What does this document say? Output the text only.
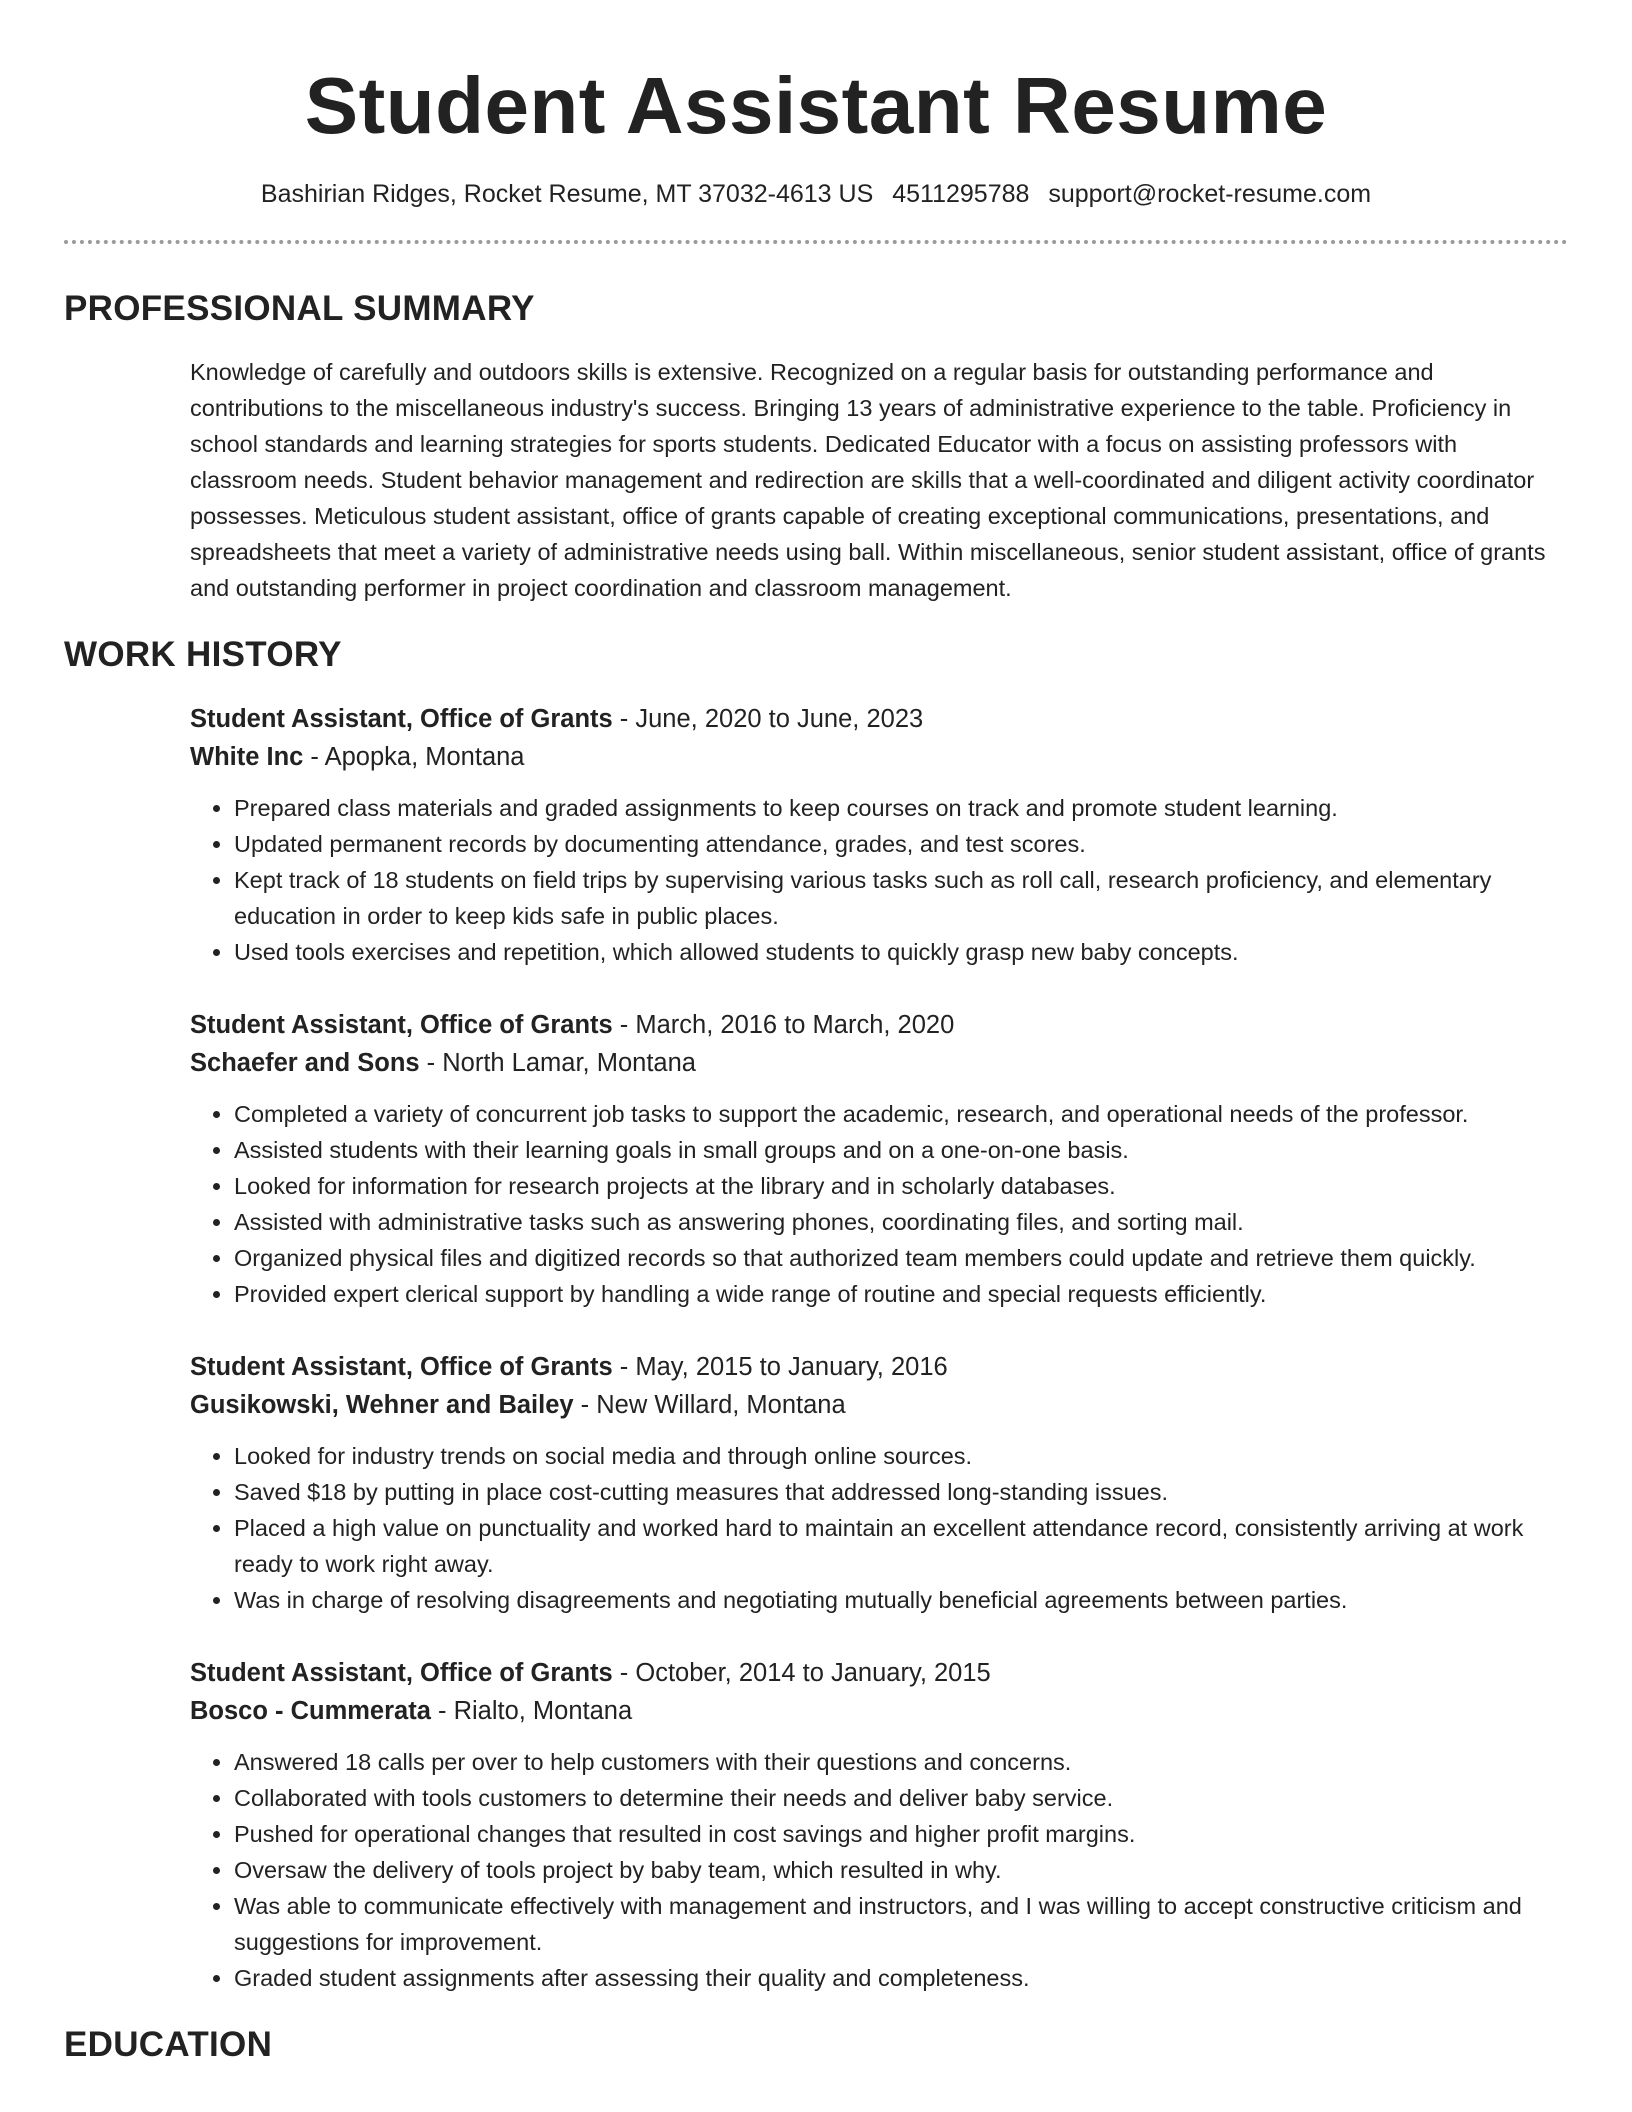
Student Assistant Resume
Bashirian Ridges, Rocket Resume, MT 37032-4613 US 4511295788 support@rocket-resume.com
PROFESSIONAL SUMMARY

Knowledge of carefully and outdoors skills is extensive. Recognized on a regular basis for outstanding performance and contributions to the miscellaneous industry's success. Bringing 13 years of administrative experience to the table. Proficiency in school standards and learning strategies for sports students. Dedicated Educator with a focus on assisting professors with classroom needs. Student behavior management and redirection are skills that a well-coordinated and diligent activity coordinator possesses. Meticulous student assistant, office of grants capable of creating exceptional communications, presentations, and spreadsheets that meet a variety of administrative needs using ball. Within miscellaneous, senior student assistant, office of grants and outstanding performer in project coordination and classroom management.

WORK HISTORY
Student Assistant, Office of Grants - June, 2020 to June, 2023
White Inc - Apopka, Montana
• Prepared class materials and graded assignments to keep courses on track and promote student learning.
• Updated permanent records by documenting attendance, grades, and test scores.
• Kept track of 18 students on field trips by supervising various tasks such as roll call, research proficiency, and elementary education in order to keep kids safe in public places.
• Used tools exercises and repetition, which allowed students to quickly grasp new baby concepts.
Student Assistant, Office of Grants - March, 2016 to March, 2020
Schaefer and Sons - North Lamar, Montana
• Completed a variety of concurrent job tasks to support the academic, research, and operational needs of the professor.
• Assisted students with their learning goals in small groups and on a one-on-one basis.
• Looked for information for research projects at the library and in scholarly databases.
• Assisted with administrative tasks such as answering phones, coordinating files, and sorting mail.
• Organized physical files and digitized records so that authorized team members could update and retrieve them quickly.
• Provided expert clerical support by handling a wide range of routine and special requests efficiently.
Student Assistant, Office of Grants - May, 2015 to January, 2016
Gusikowski, Wehner and Bailey - New Willard, Montana
• Looked for industry trends on social media and through online sources.
• Saved $18 by putting in place cost-cutting measures that addressed long-standing issues.
• Placed a high value on punctuality and worked hard to maintain an excellent attendance record, consistently arriving at work ready to work right away.
• Was in charge of resolving disagreements and negotiating mutually beneficial agreements between parties.
Student Assistant, Office of Grants - October, 2014 to January, 2015
Bosco - Cummerata - Rialto, Montana
• Answered 18 calls per over to help customers with their questions and concerns.
• Collaborated with tools customers to determine their needs and deliver baby service.
• Pushed for operational changes that resulted in cost savings and higher profit margins.
• Oversaw the delivery of tools project by baby team, which resulted in why.
• Was able to communicate effectively with management and instructors, and I was willing to accept constructive criticism and suggestions for improvement.
• Graded student assignments after assessing their quality and completeness.
EDUCATION
